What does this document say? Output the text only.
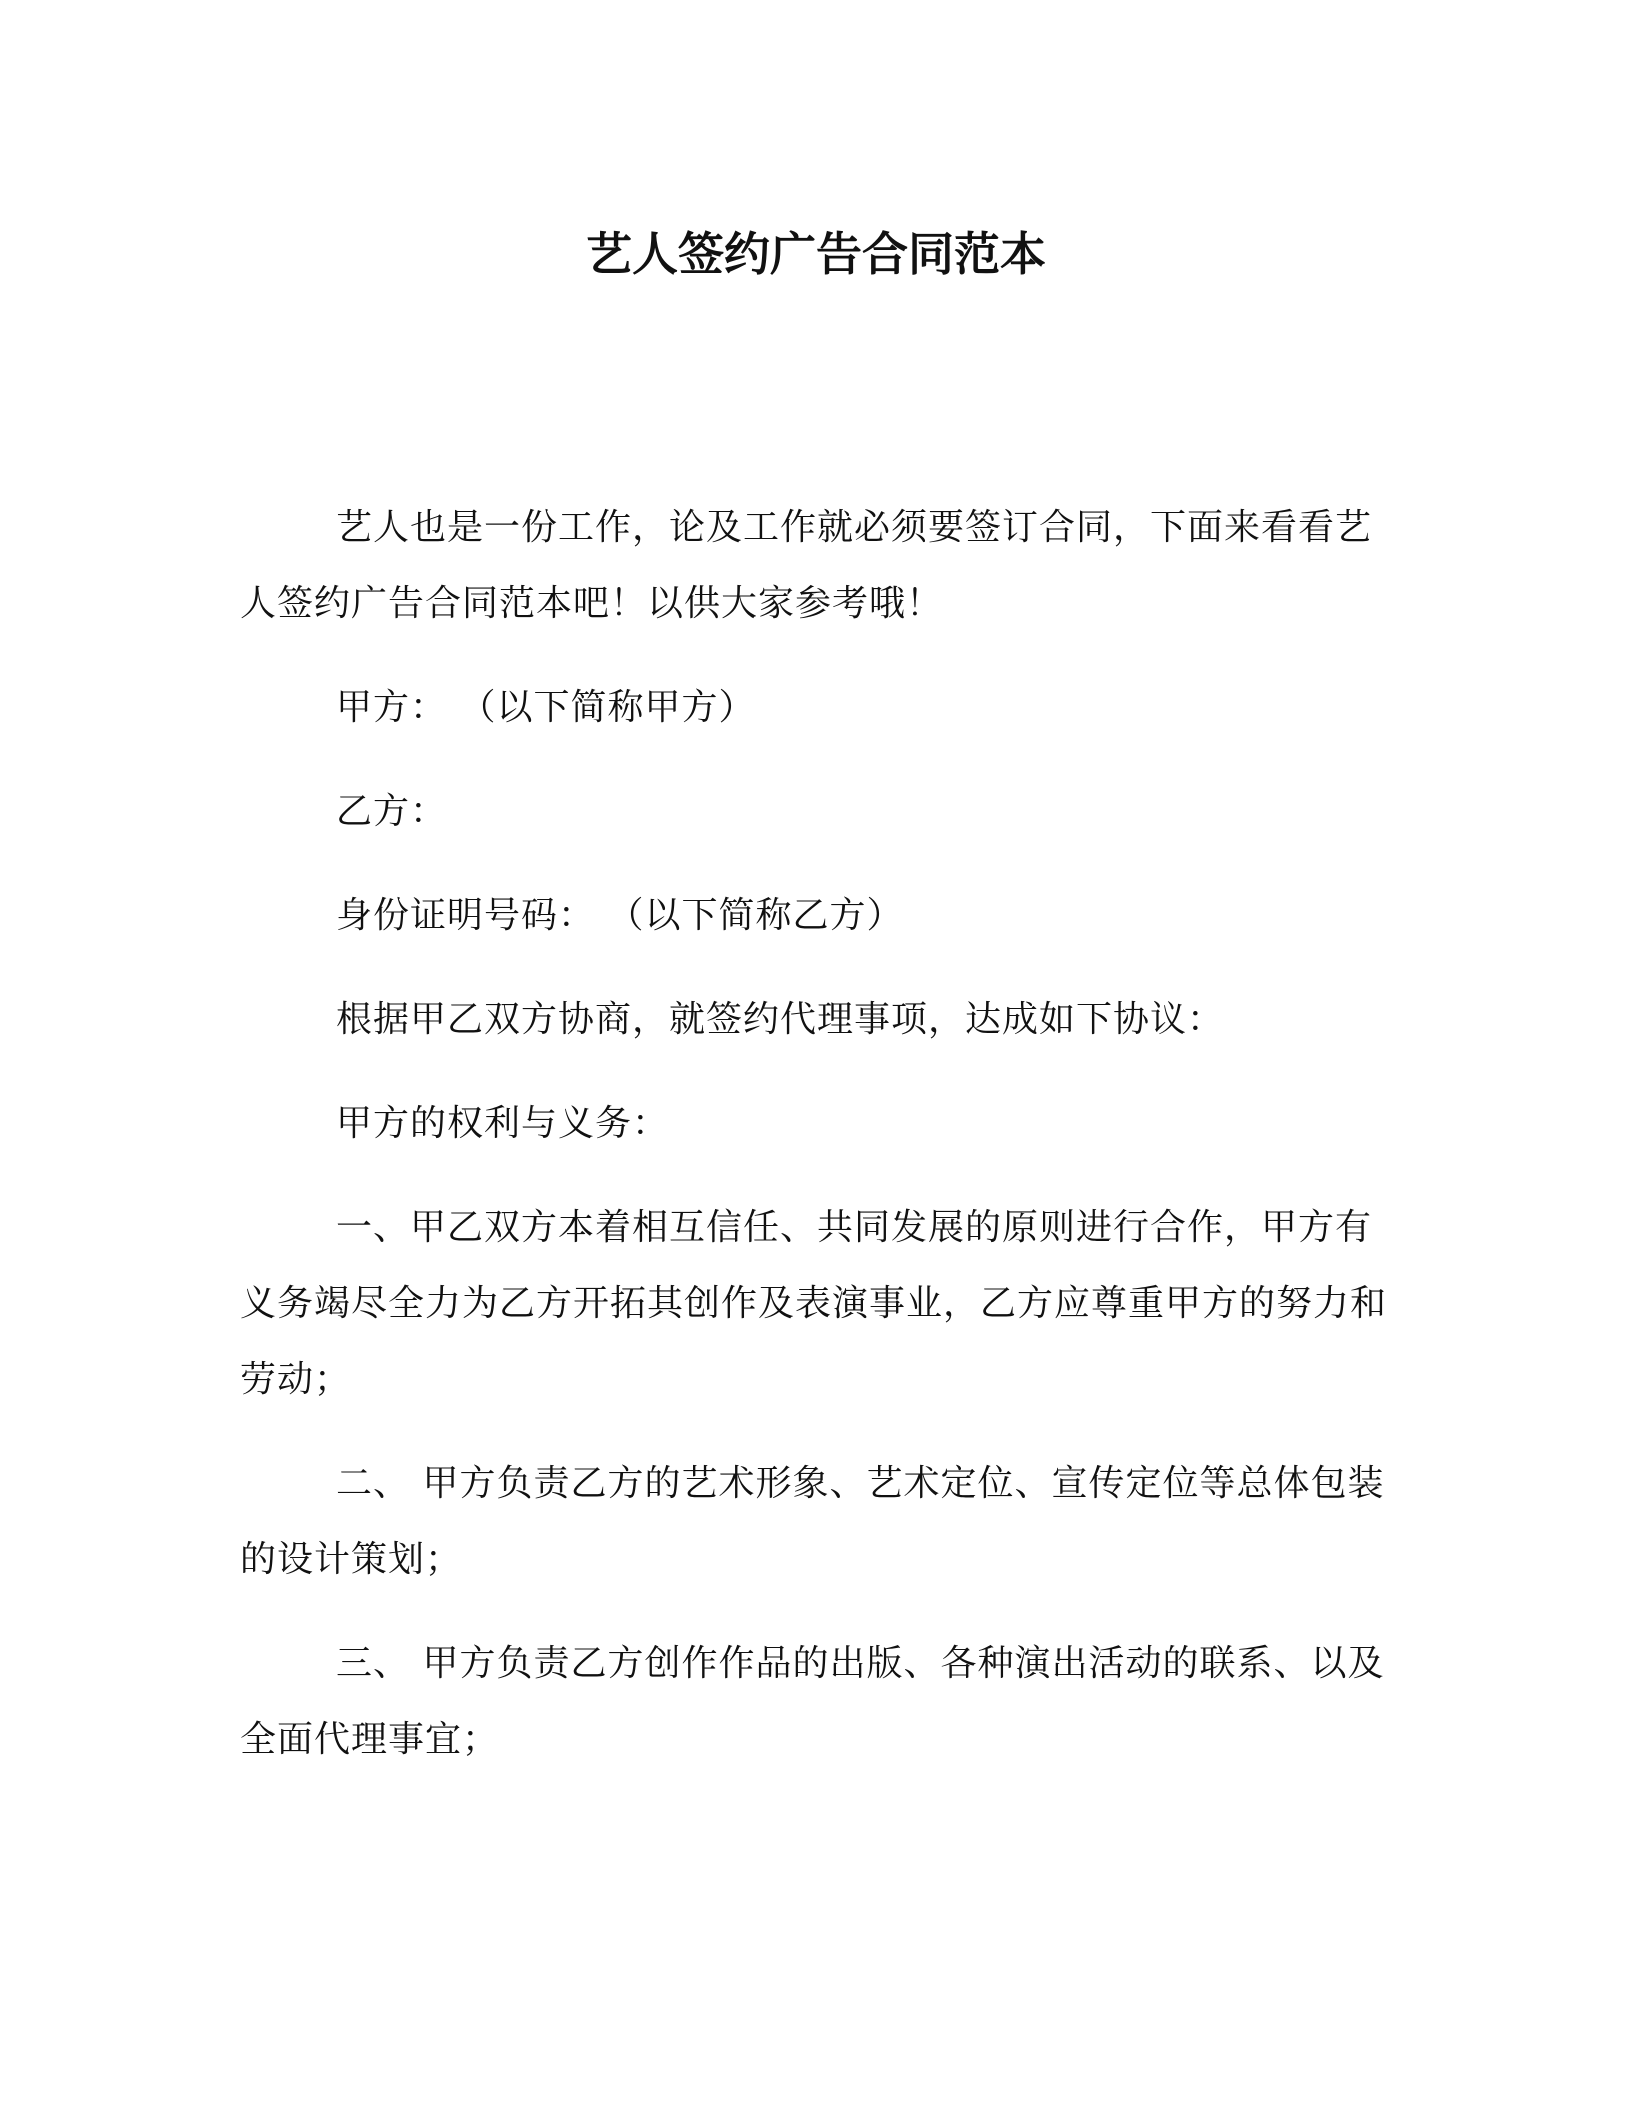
艺人签约广告合同范本

艺人也是一份工作，论及工作就必须要签订合同，下面来看看艺人签约广告合同范本吧！以供大家参考哦！

甲方： （以下简称甲方）

乙方：

身份证明号码： （以下简称乙方）

根据甲乙双方协商，就签约代理事项，达成如下协议：

甲方的权利与义务：

一、甲乙双方本着相互信任、共同发展的原则进行合作，甲方有义务竭尽全力为乙方开拓其创作及表演事业，乙方应尊重甲方的努力和劳动；

二、 甲方负责乙方的艺术形象、艺术定位、宣传定位等总体包装的设计策划；

三、 甲方负责乙方创作作品的出版、各种演出活动的联系、以及全面代理事宜；
